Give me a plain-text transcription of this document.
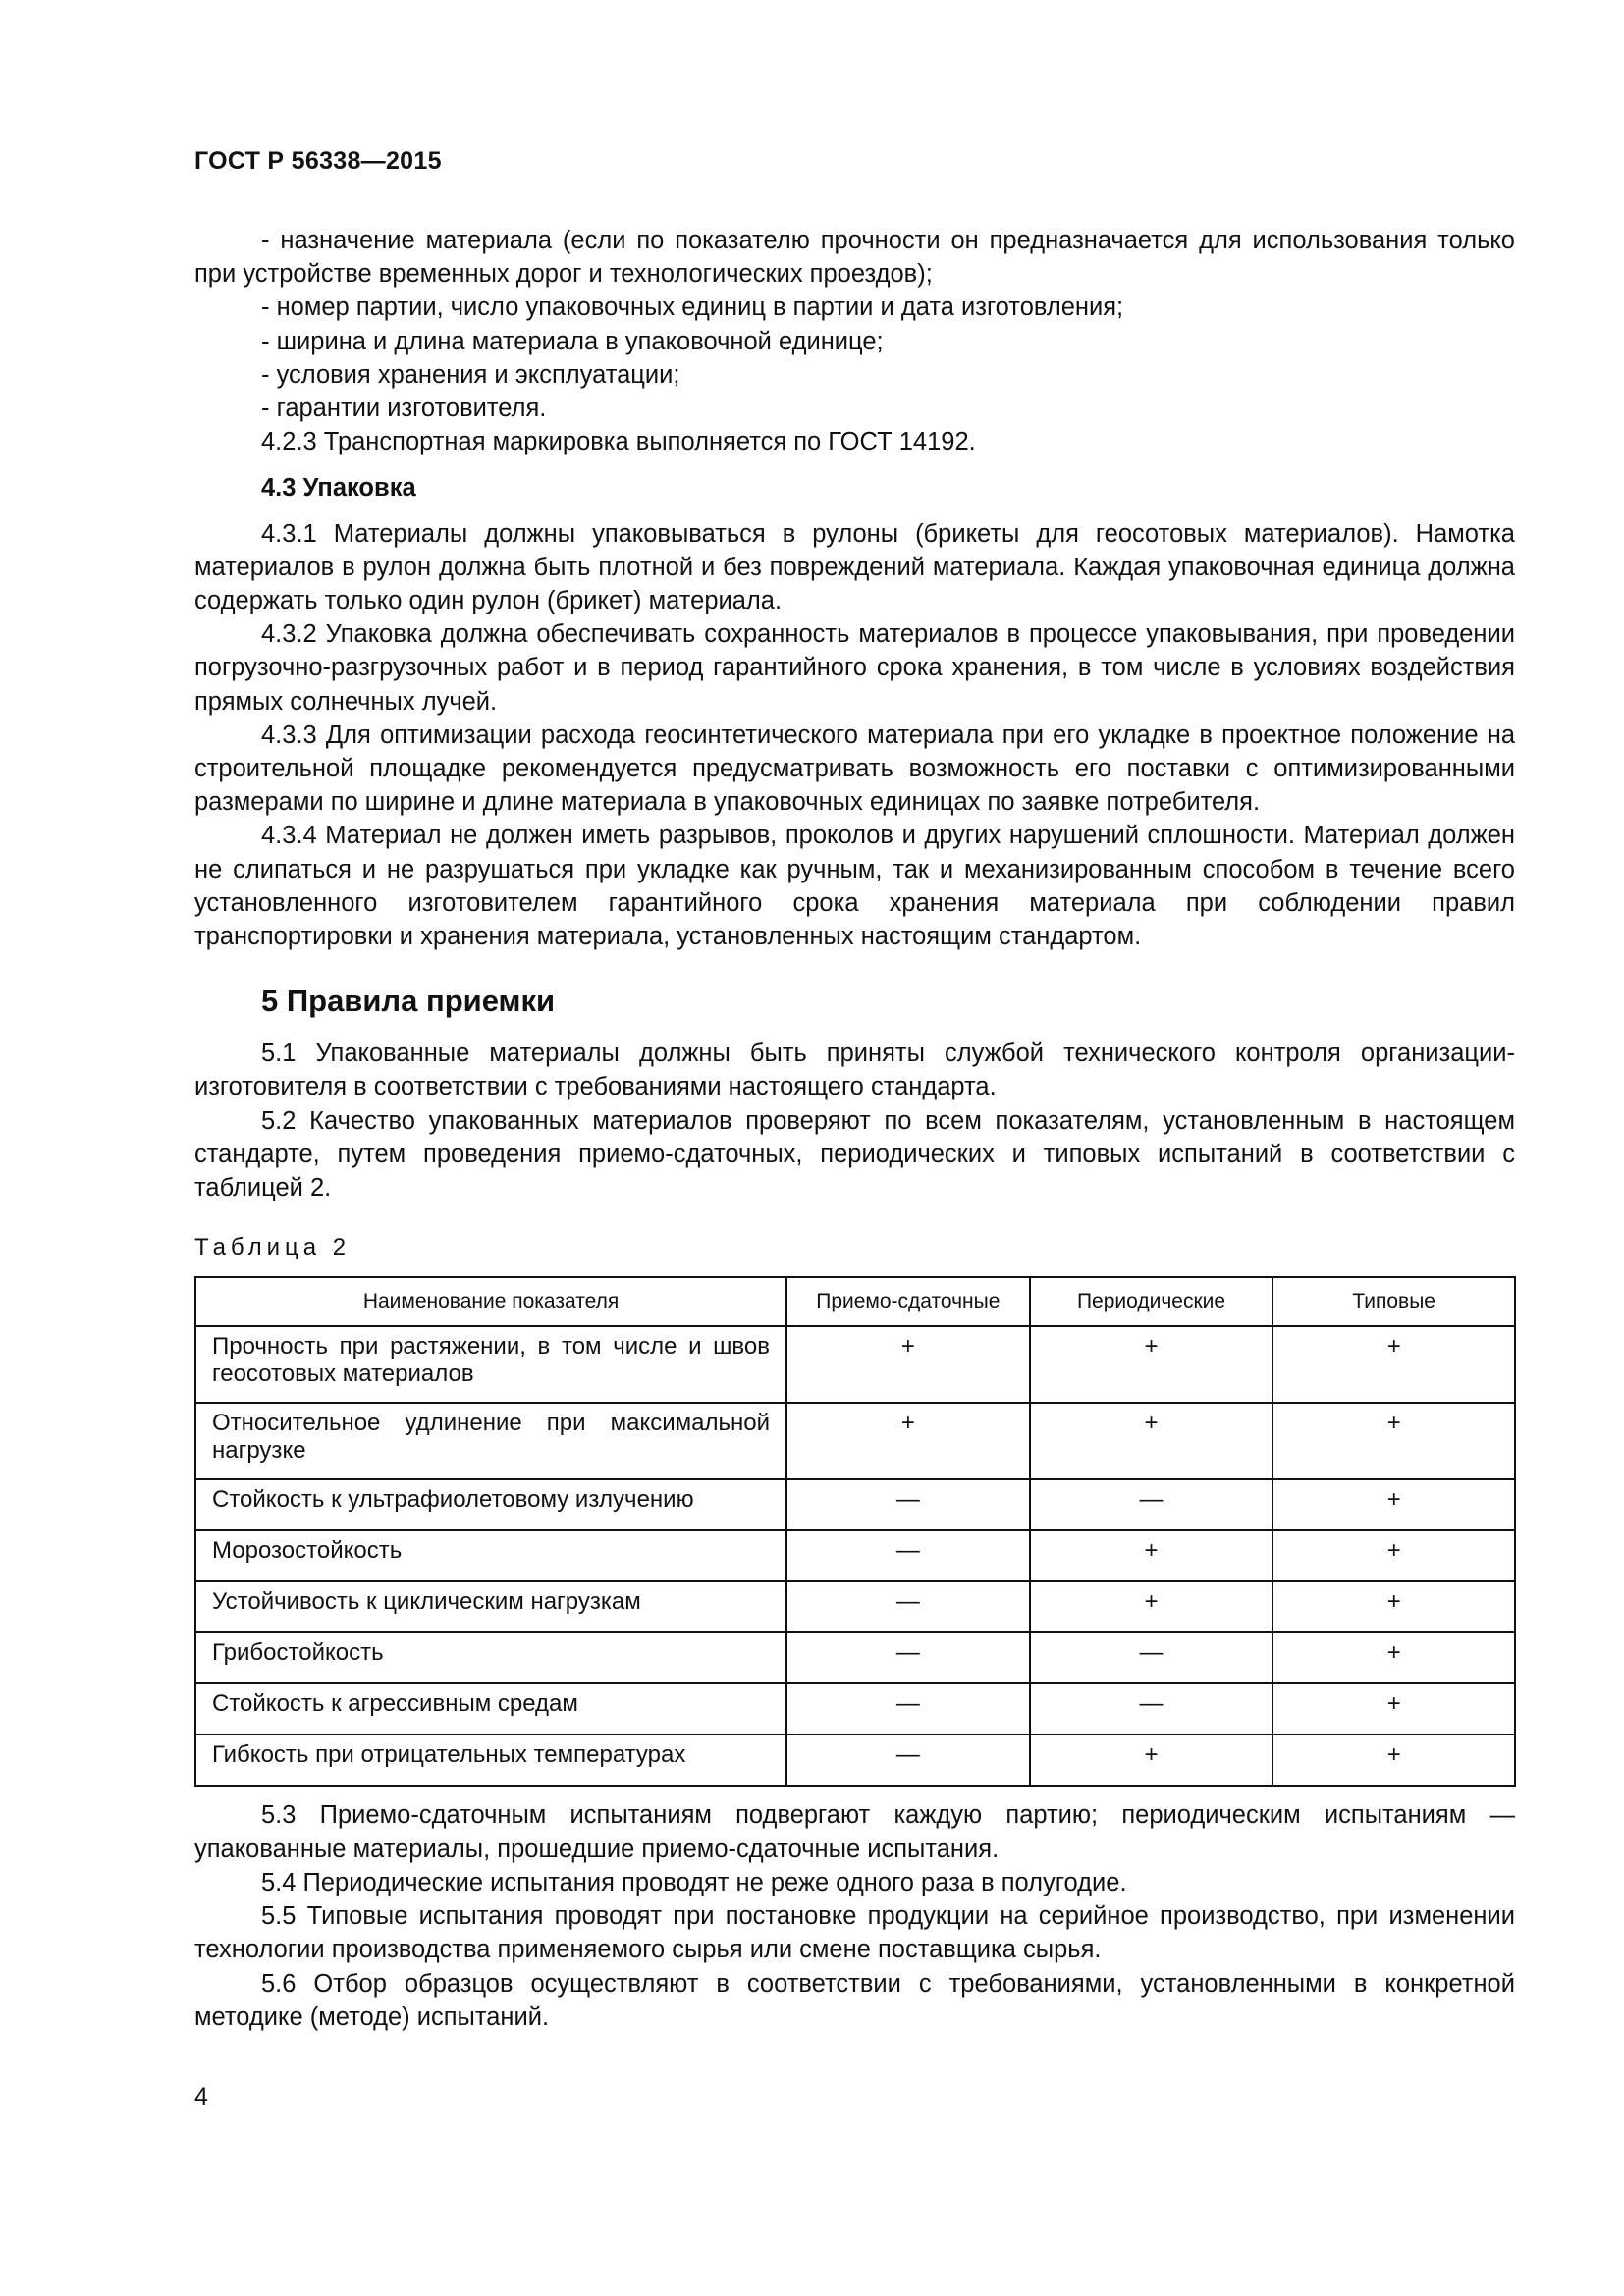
ГОСТ Р 56338—2015

- назначение материала (если по показателю прочности он предназначается для использования только при устройстве временных дорог и технологических проездов);

- номер партии, число упаковочных единиц в партии и дата изготовления;

- ширина и длина материала в упаковочной единице;

- условия хранения и эксплуатации;

- гарантии изготовителя.

4.2.3 Транспортная маркировка выполняется по ГОСТ 14192.

4.3 Упаковка

4.3.1 Материалы должны упаковываться в рулоны (брикеты для геосотовых материалов). Намотка материалов в рулон должна быть плотной и без повреждений материала. Каждая упаковочная единица должна содержать только один рулон (брикет) материала.

4.3.2 Упаковка должна обеспечивать сохранность материалов в процессе упаковывания, при проведении погрузочно-разгрузочных работ и в период гарантийного срока хранения, в том числе в условиях воздействия прямых солнечных лучей.

4.3.3 Для оптимизации расхода геосинтетического материала при его укладке в проектное положение на строительной площадке рекомендуется предусматривать возможность его поставки с оптимизированными размерами по ширине и длине материала в упаковочных единицах по заявке потребителя.

4.3.4 Материал не должен иметь разрывов, проколов и других нарушений сплошности. Материал должен не слипаться и не разрушаться при укладке как ручным, так и механизированным способом в течение всего установленного изготовителем гарантийного срока хранения материала при соблюдении правил транспортировки и хранения материала, установленных настоящим стандартом.

5 Правила приемки

5.1 Упакованные материалы должны быть приняты службой технического контроля организации-изготовителя в соответствии с требованиями настоящего стандарта.

5.2 Качество упакованных материалов проверяют по всем показателям, установленным в настоящем стандарте, путем проведения приемо-сдаточных, периодических и типовых испытаний в соответствии с таблицей 2.

Таблица 2

Наименование показателя	Приемо-сдаточные	Периодические	Типовые
Прочность при растяжении, в том числе и швов геосотовых материалов	+	+	+
Относительное удлинение при максимальной нагрузке	+	+	+
Стойкость к ультрафиолетовому излучению	—	—	+
Морозостойкость	—	+	+
Устойчивость к циклическим нагрузкам	—	+	+
Грибостойкость	—	—	+
Стойкость к агрессивным средам	—	—	+
Гибкость при отрицательных температурах	—	+	+

5.3 Приемо-сдаточным испытаниям подвергают каждую партию; периодическим испытаниям — упакованные материалы, прошедшие приемо-сдаточные испытания.

5.4 Периодические испытания проводят не реже одного раза в полугодие.

5.5 Типовые испытания проводят при постановке продукции на серийное производство, при изменении технологии производства применяемого сырья или смене поставщика сырья.

5.6 Отбор образцов осуществляют в соответствии с требованиями, установленными в конкретной методике (методе) испытаний.

4
